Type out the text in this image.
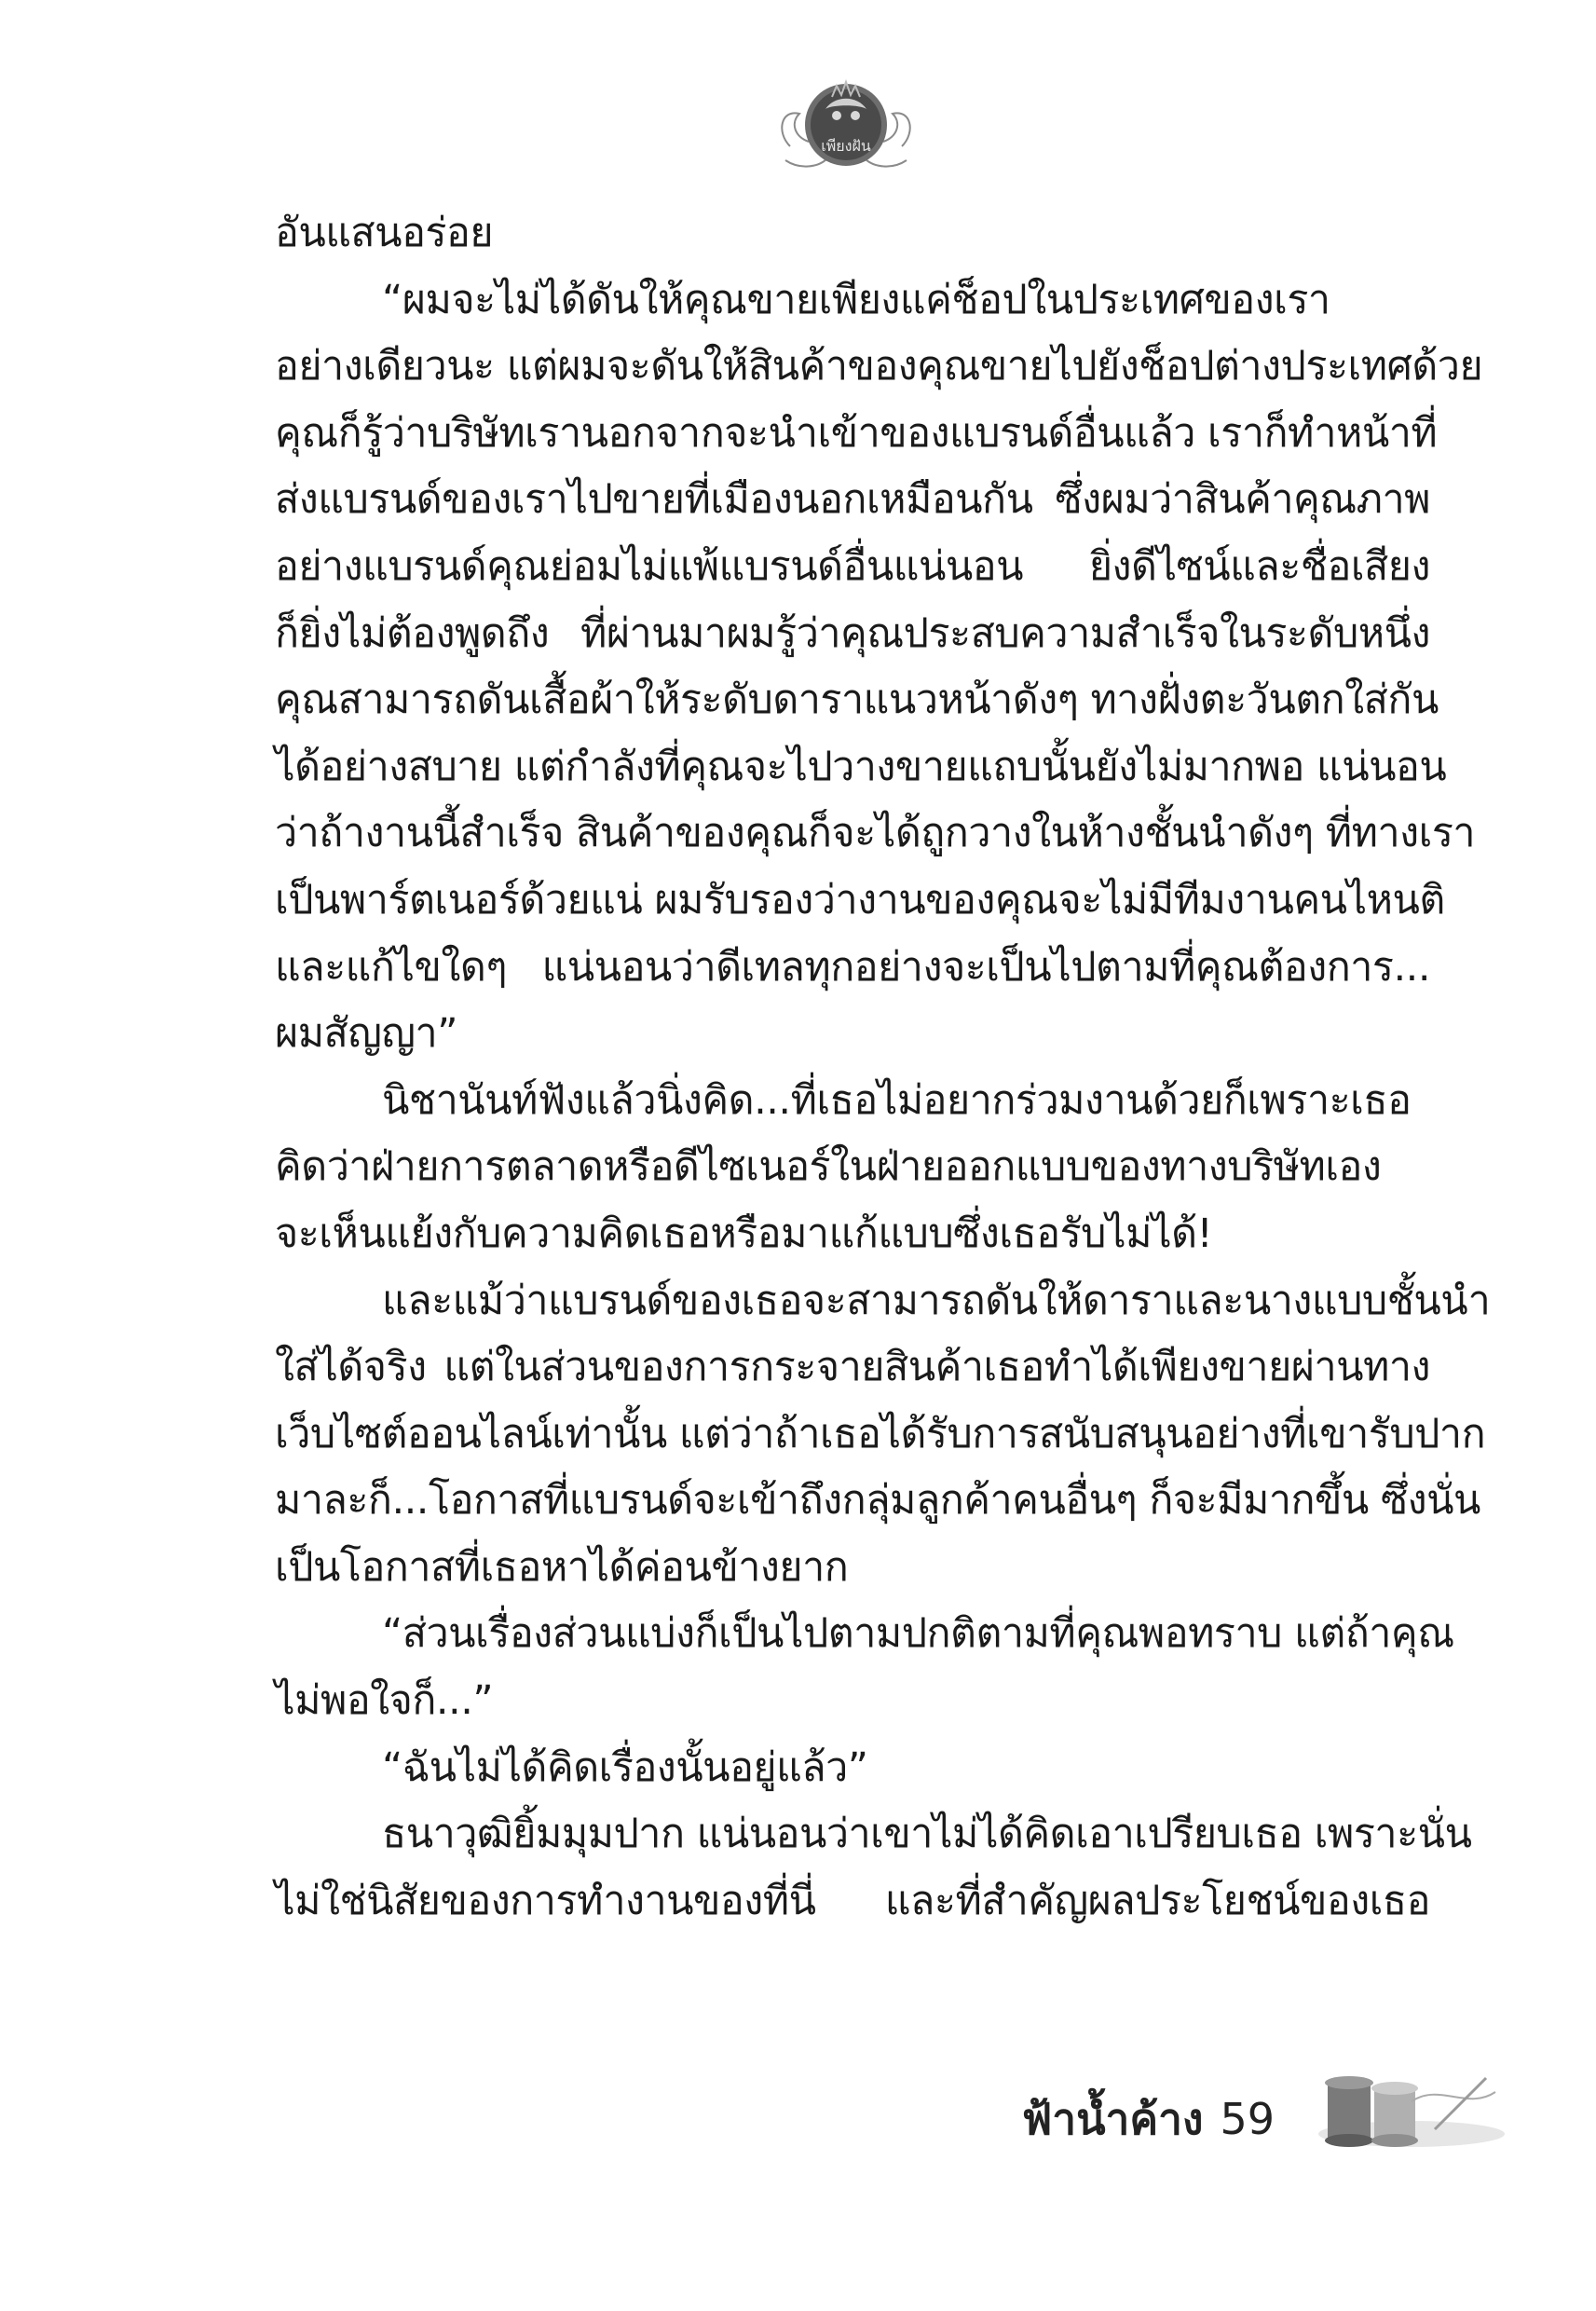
เพียงฝัน
อันแสนอร่อย
“ผมจะไม่ได้ดันให้คุณขายเพียงแค่ช็อปในประเทศของเรา
อย่างเดียวนะ แต่ผมจะดันให้สินค้าของคุณขายไปยังช็อปต่างประเทศด้วย
คุณก็รู้ว่าบริษัทเรานอกจากจะนำเข้าของแบรนด์อื่นแล้ว เราก็ทำหน้าที่
ส่งแบรนด์ของเราไปขายที่เมืองนอกเหมือนกัน ซึ่งผมว่าสินค้าคุณภาพ
อย่างแบรนด์คุณย่อมไม่แพ้แบรนด์อื่นแน่นอน ยิ่งดีไซน์และชื่อเสียง
ก็ยิ่งไม่ต้องพูดถึง ที่ผ่านมาผมรู้ว่าคุณประสบความสำเร็จในระดับหนึ่ง
คุณสามารถดันเสื้อผ้าให้ระดับดาราแนวหน้าดังๆ ทางฝั่งตะวันตกใส่กัน
ได้อย่างสบาย แต่กำลังที่คุณจะไปวางขายแถบนั้นยังไม่มากพอ แน่นอน
ว่าถ้างานนี้สำเร็จ สินค้าของคุณก็จะได้ถูกวางในห้างชั้นนำดังๆ ที่ทางเรา
เป็นพาร์ตเนอร์ด้วยแน่ ผมรับรองว่างานของคุณจะไม่มีทีมงานคนไหนติ
และแก้ไขใดๆ แน่นอนว่าดีเทลทุกอย่างจะเป็นไปตามที่คุณต้องการ...
ผมสัญญา”
นิชานันท์ฟังแล้วนิ่งคิด...ที่เธอไม่อยากร่วมงานด้วยก็เพราะเธอ
คิดว่าฝ่ายการตลาดหรือดีไซเนอร์ในฝ่ายออกแบบของทางบริษัทเอง
จะเห็นแย้งกับความคิดเธอหรือมาแก้แบบซึ่งเธอรับไม่ได้!
และแม้ว่าแบรนด์ของเธอจะสามารถดันให้ดาราและนางแบบชั้นนำ
ใส่ได้จริง แต่ในส่วนของการกระจายสินค้าเธอทำได้เพียงขายผ่านทาง
เว็บไซต์ออนไลน์เท่านั้น แต่ว่าถ้าเธอได้รับการสนับสนุนอย่างที่เขารับปาก
มาละก็...โอกาสที่แบรนด์จะเข้าถึงกลุ่มลูกค้าคนอื่นๆ ก็จะมีมากขึ้น ซึ่งนั่น
เป็นโอกาสที่เธอหาได้ค่อนข้างยาก
“ส่วนเรื่องส่วนแบ่งก็เป็นไปตามปกติตามที่คุณพอทราบ แต่ถ้าคุณ
ไม่พอใจก็...”
“ฉันไม่ได้คิดเรื่องนั้นอยู่แล้ว”
ธนาวุฒิยิ้มมุมปาก แน่นอนว่าเขาไม่ได้คิดเอาเปรียบเธอ เพราะนั่น
ไม่ใช่นิสัยของการทำงานของที่นี่ และที่สำคัญผลประโยชน์ของเธอ
ฟ้าน้ำค้าง 59
